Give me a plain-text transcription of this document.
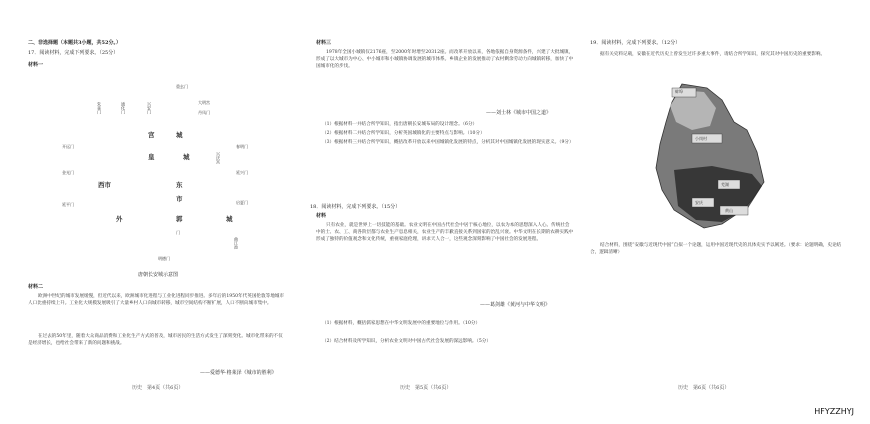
二、非选择题（本题共3小题，共52分。）
17．阅读材料，完成下列要求。（25分）
材料一
重玄门
大明宫
丹凤门
朱雀门	通化门	兴安门
宫	城
皇	城
开远门
金光门
延平门
西市	东
市
兴庆宫
春明门
延兴门
启夏门
外	郭	城
门
明德门
曲江池
唐朝长安城示意图
材料二
欧洲中世纪的城市发展缓慢，但近代以来，欧洲城市化进程与工业化进程同步推进。多年后的1950年代英国伦敦等地城市人口比重持续上升。工业化大规模发展吸引了大量乡村人口向城市转移，城市空间结构不断扩展，人口不断向城市集中。
在过去的50年里，随着大众商品消费和工业化生产方式的普及，城市居民的生活方式发生了深刻变化。城市化带来的不仅是经济增长，也给社会带来了新的问题和挑战。
——爱德华·格莱泽《城市的胜利》
历史　第4页（共6页）
材料三
1978年全国小城镇仅2176座，至2000年时增至20312座。而改革开放以来，各地依据自身资源条件，兴建了大批城镇，形成了以大城市为中心、中小城市和小城镇协调发展的城市体系。乡镇企业的发展推动了农村剩余劳动力向城镇转移，加快了中国城市化的步伐。
——刘士林《城市中国之道》
（1）根据材料一并结合所学知识，指出唐朝长安城布局的设计理念。（6分）
（2）根据材料二并结合所学知识，分析英国城镇化的主要特点与影响。（10分）
（3）根据材料三并结合所学知识，概括改革开放以来中国城镇化发展的特点，分析其对中国城镇化发展的现实意义。（9分）
18．阅读材料，完成下列要求。（15分）
材料
只有农业，就是世界上一切技能的基础。农业文明在中国古代社会中居于核心地位，以农为本的思想深入人心。传统社会中的士、农、工、商各阶层都与农业生产息息相关，农业生产的丰歉直接关系到国家的治乱兴衰。中华文明在长期的农耕实践中形成了独特的价值观念和文化传统，重视家庭伦理，讲求天人合一，这些观念深刻影响了中国社会的发展进程。
——葛剑雄《黄河与中华文明》
（1）根据材料，概括儒家思想在中华文明发展中的重要地位与作用。（10分）
（2）结合材料及所学知识，分析农业文明对中国古代社会发展的深远影响。（5分）
历史　第5页（共6页）
19．阅读材料，完成下列要求。（12分）
据有关史料记载，安徽在近代历史上曾发生过许多重大事件，请结合所学知识，探究其对中国历史的重要影响。
蚌埠
小岗村
芜湖
安庆
黄山
结合材料，围绕“安徽与近现代中国”自拟一个论题，运用中国近现代史的具体史实予以阐述。（要求：论题明确，史论结合，逻辑清晰）
历史　第6页（共6页）
HFYZZHYJ
